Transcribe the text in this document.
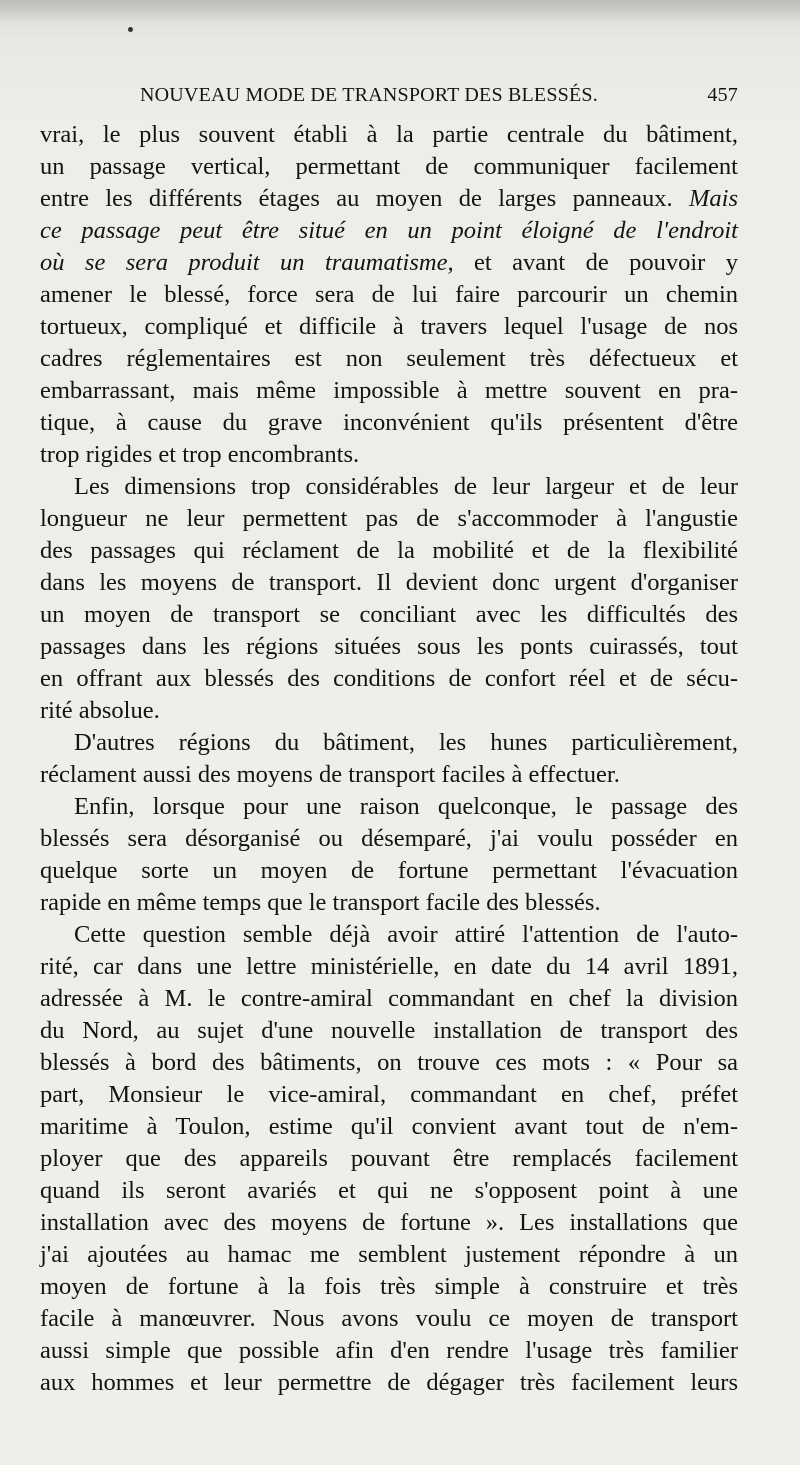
NOUVEAU MODE DE TRANSPORT DES BLESSÉS.	457
vrai, le plus souvent établi à la partie centrale du bâtiment,
un passage vertical, permettant de communiquer facilement
entre les différents étages au moyen de larges panneaux. Mais
ce passage peut être situé en un point éloigné de l'endroit
où se sera produit un traumatisme, et avant de pouvoir y
amener le blessé, force sera de lui faire parcourir un chemin
tortueux, compliqué et difficile à travers lequel l'usage de nos
cadres réglementaires est non seulement très défectueux et
embarrassant, mais même impossible à mettre souvent en pra-
tique, à cause du grave inconvénient qu'ils présentent d'être
trop rigides et trop encombrants.
Les dimensions trop considérables de leur largeur et de leur
longueur ne leur permettent pas de s'accommoder à l'angustie
des passages qui réclament de la mobilité et de la flexibilité
dans les moyens de transport. Il devient donc urgent d'organiser
un moyen de transport se conciliant avec les difficultés des
passages dans les régions situées sous les ponts cuirassés, tout
en offrant aux blessés des conditions de confort réel et de sécu-
rité absolue.
D'autres régions du bâtiment, les hunes particulièrement,
réclament aussi des moyens de transport faciles à effectuer.
Enfin, lorsque pour une raison quelconque, le passage des
blessés sera désorganisé ou désemparé, j'ai voulu posséder en
quelque sorte un moyen de fortune permettant l'évacuation
rapide en même temps que le transport facile des blessés.
Cette question semble déjà avoir attiré l'attention de l'auto-
rité, car dans une lettre ministérielle, en date du 14 avril 1891,
adressée à M. le contre-amiral commandant en chef la division
du Nord, au sujet d'une nouvelle installation de transport des
blessés à bord des bâtiments, on trouve ces mots : « Pour sa
part, Monsieur le vice-amiral, commandant en chef, préfet
maritime à Toulon, estime qu'il convient avant tout de n'em-
ployer que des appareils pouvant être remplacés facilement
quand ils seront avariés et qui ne s'opposent point à une
installation avec des moyens de fortune ». Les installations que
j'ai ajoutées au hamac me semblent justement répondre à un
moyen de fortune à la fois très simple à construire et très
facile à manœuvrer. Nous avons voulu ce moyen de transport
aussi simple que possible afin d'en rendre l'usage très familier
aux hommes et leur permettre de dégager très facilement leurs
